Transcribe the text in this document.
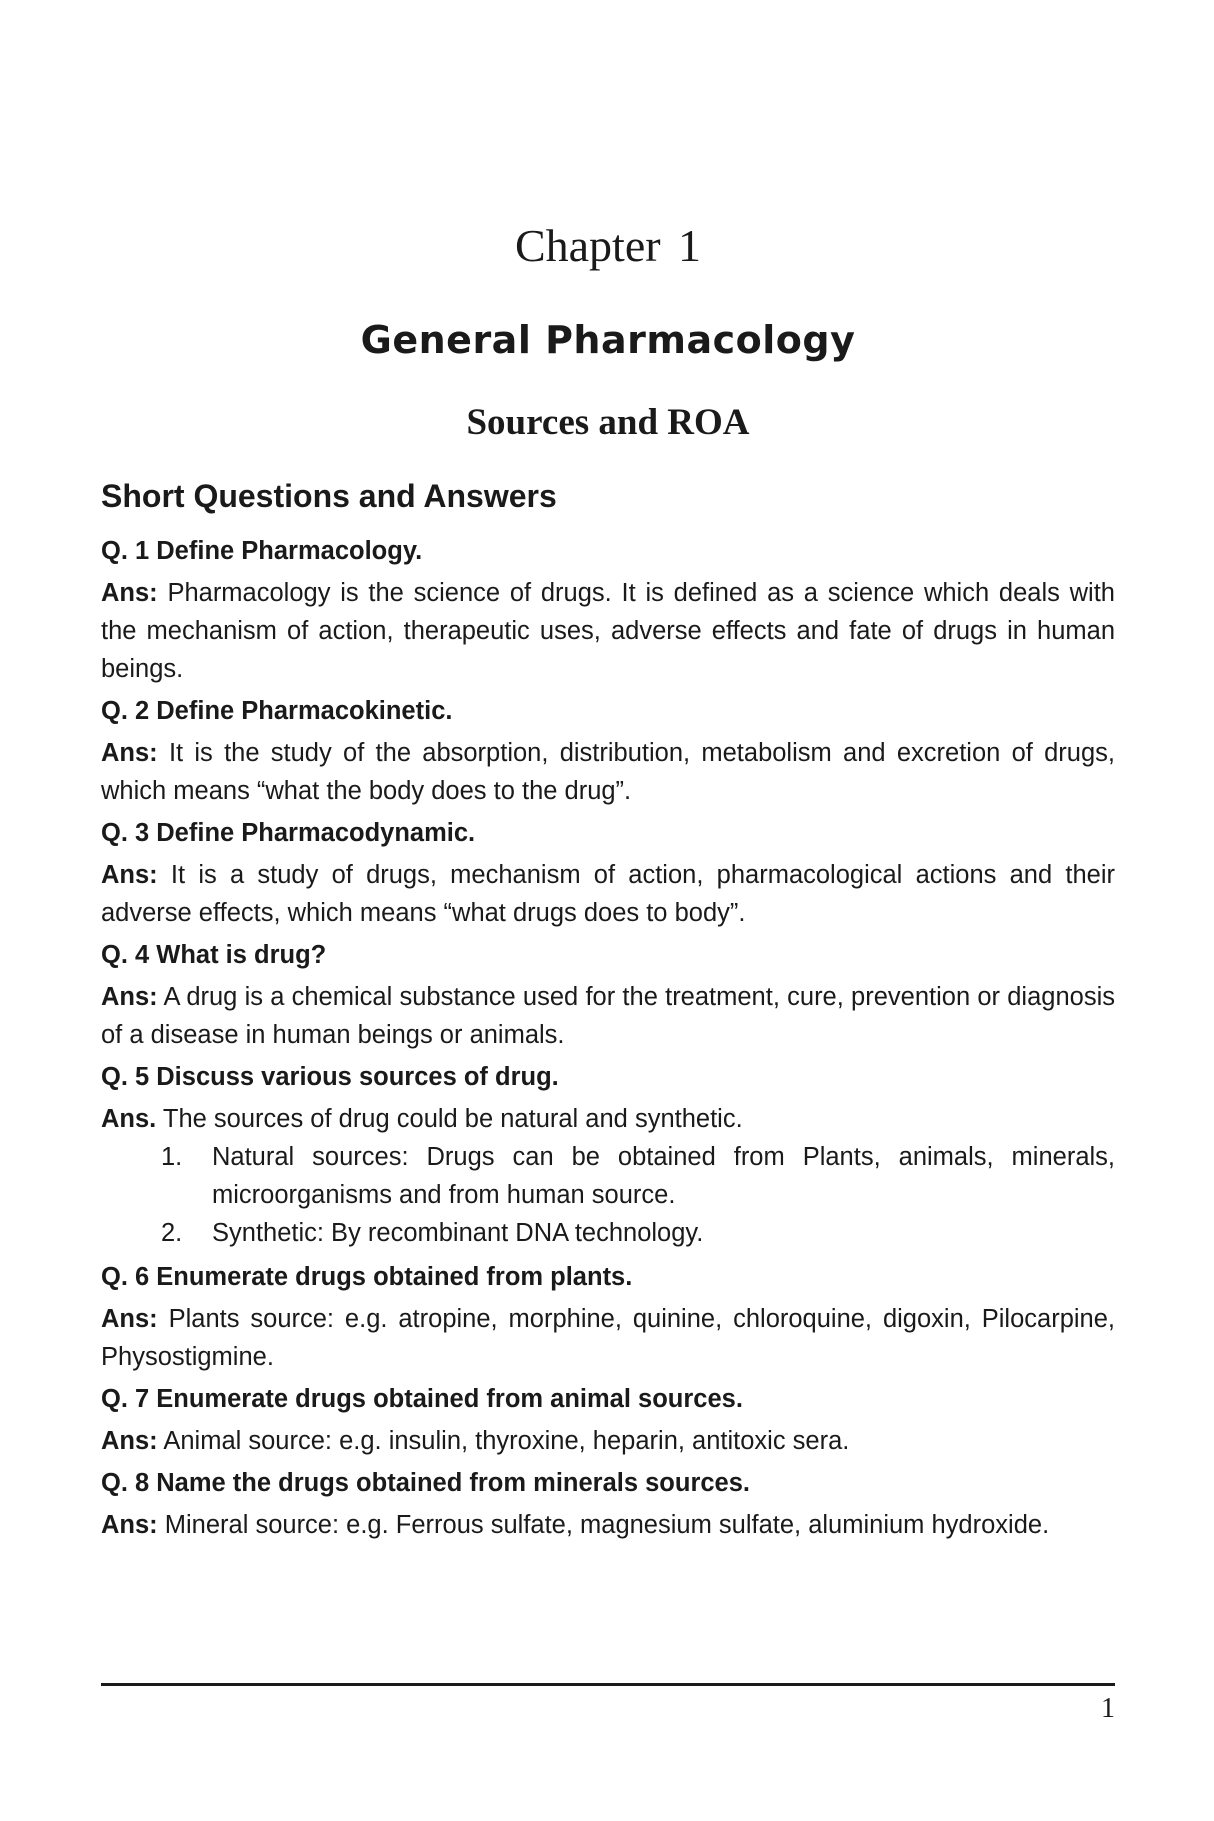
Chapter 1
General Pharmacology
Sources and ROA
Short Questions and Answers
Q. 1 Define Pharmacology.
Ans: Pharmacology is the science of drugs. It is defined as a science which deals with the mechanism of action, therapeutic uses, adverse effects and fate of drugs in human beings.
Q. 2 Define Pharmacokinetic.
Ans: It is the study of the absorption, distribution, metabolism and excretion of drugs, which means “what the body does to the drug”.
Q. 3 Define Pharmacodynamic.
Ans: It is a study of drugs, mechanism of action, pharmacological actions and their adverse effects, which means “what drugs does to body”.
Q. 4 What is drug?
Ans: A drug is a chemical substance used for the treatment, cure, prevention or diagnosis of a disease in human beings or animals.
Q. 5 Discuss various sources of drug.
Ans. The sources of drug could be natural and synthetic.
1. Natural sources: Drugs can be obtained from Plants, animals, minerals, microorganisms and from human source.
2. Synthetic: By recombinant DNA technology.
Q. 6 Enumerate drugs obtained from plants.
Ans: Plants source: e.g. atropine, morphine, quinine, chloroquine, digoxin, Pilocarpine, Physostigmine.
Q. 7 Enumerate drugs obtained from animal sources.
Ans: Animal source: e.g. insulin, thyroxine, heparin, antitoxic sera.
Q. 8 Name the drugs obtained from minerals sources.
Ans: Mineral source: e.g. Ferrous sulfate, magnesium sulfate, aluminium hydroxide.
1
